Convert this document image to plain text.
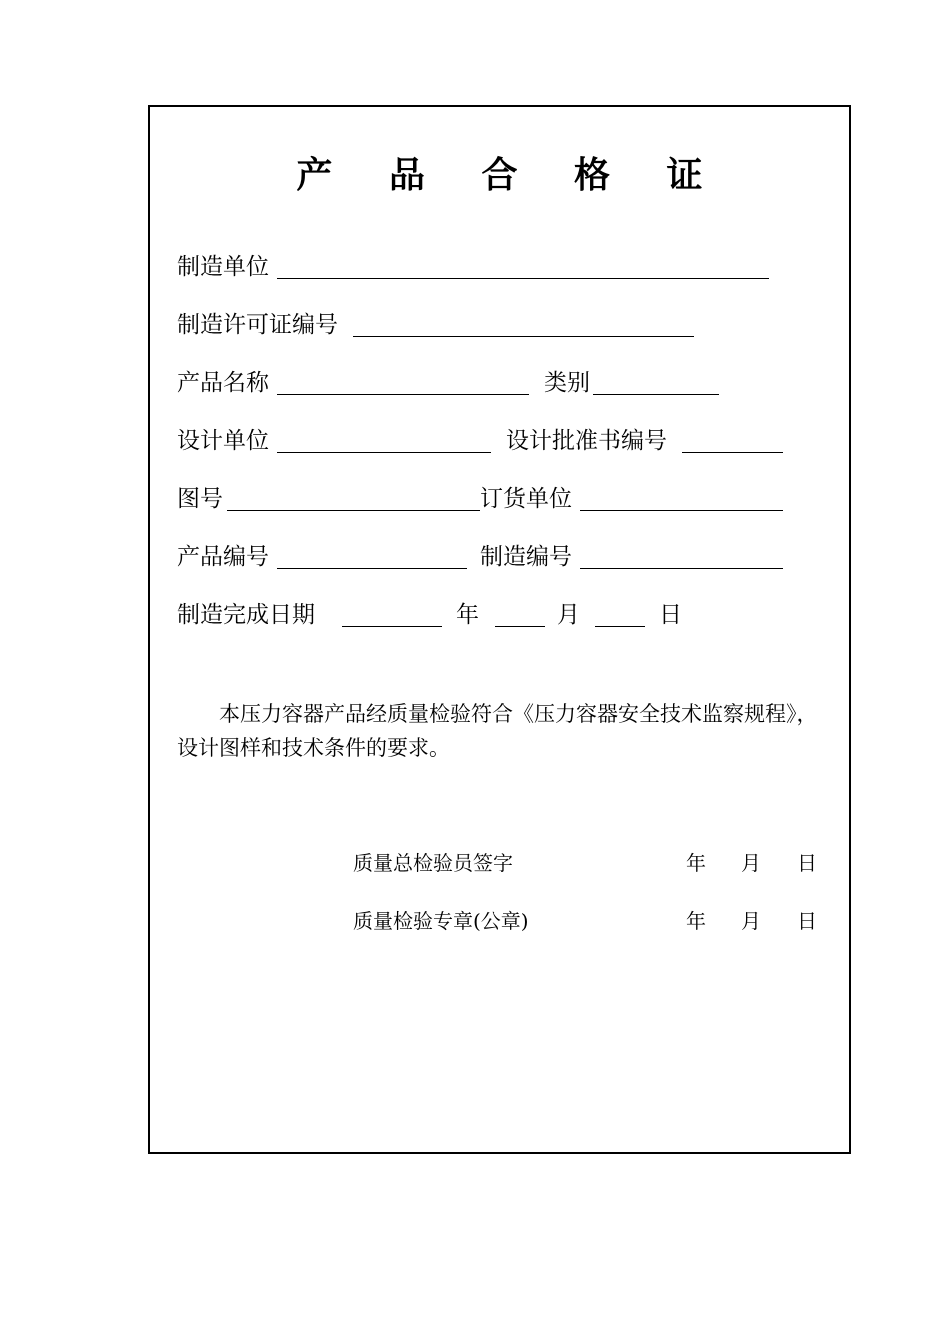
产 品 合 格 证
制造单位
制造许可证编号
产品名称	类别
设计单位	设计批准书编号
图号	订货单位
产品编号	制造编号
制造完成日期	年	月	日
本压力容器产品经质量检验符合《压力容器安全技术监察规程》，设计图样和技术条件的要求。
质量总检验员签字	年 月 日
质量检验专章(公章)	年 月 日
